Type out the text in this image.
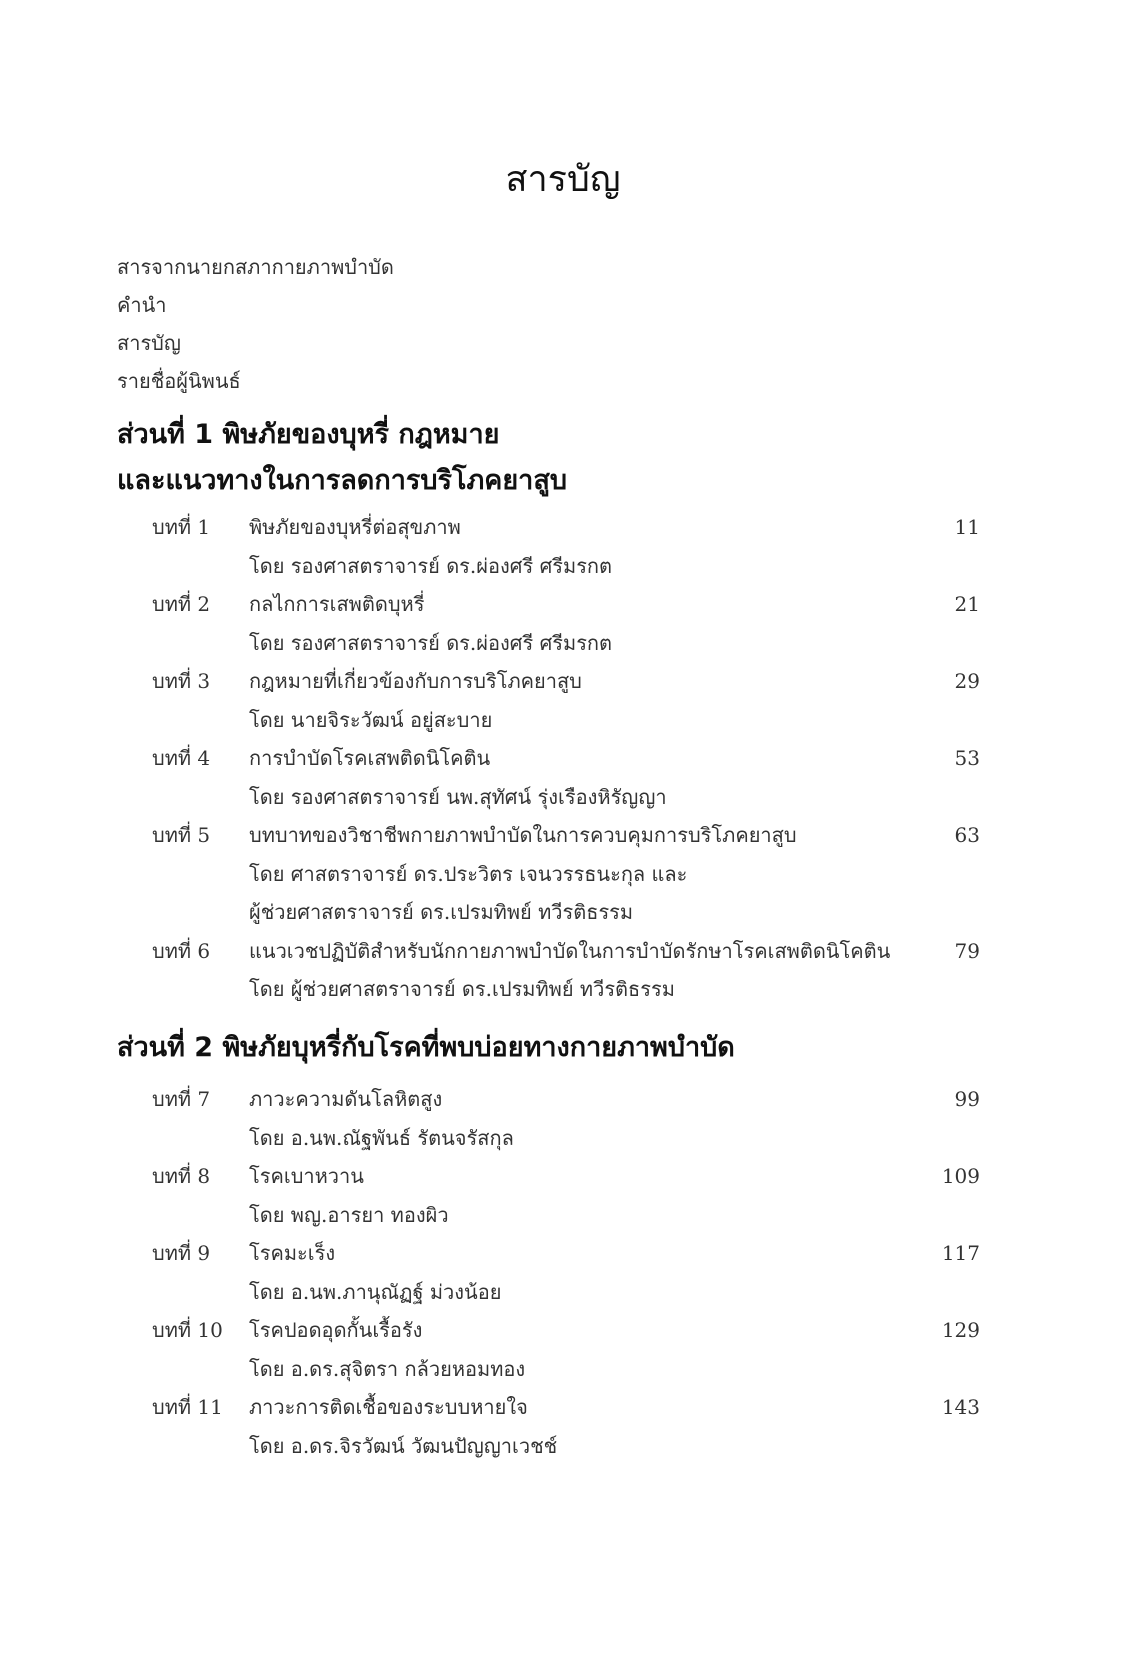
สารบัญ
สารจากนายกสภากายภาพบำบัด
คำนำ
สารบัญ
รายชื่อผู้นิพนธ์
ส่วนที่ 1 พิษภัยของบุหรี่ กฎหมาย
และแนวทางในการลดการบริโภคยาสูบ
บทที่ 1 พิษภัยของบุหรี่ต่อสุขภาพ	11
โดย รองศาสตราจารย์ ดร.ผ่องศรี ศรีมรกต
บทที่ 2 กลไกการเสพติดบุหรี่	21
โดย รองศาสตราจารย์ ดร.ผ่องศรี ศรีมรกต
บทที่ 3 กฎหมายที่เกี่ยวข้องกับการบริโภคยาสูบ	29
โดย นายจิระวัฒน์ อยู่สะบาย
บทที่ 4 การบำบัดโรคเสพติดนิโคติน	53
โดย รองศาสตราจารย์ นพ.สุทัศน์ รุ่งเรืองหิรัญญา
บทที่ 5 บทบาทของวิชาชีพกายภาพบำบัดในการควบคุมการบริโภคยาสูบ	63
โดย ศาสตราจารย์ ดร.ประวิตร เจนวรรธนะกุล และ
ผู้ช่วยศาสตราจารย์ ดร.เปรมทิพย์ ทวีรติธรรม
บทที่ 6 แนวเวชปฏิบัติสำหรับนักกายภาพบำบัดในการบำบัดรักษาโรคเสพติดนิโคติน	79
โดย ผู้ช่วยศาสตราจารย์ ดร.เปรมทิพย์ ทวีรติธรรม
ส่วนที่ 2 พิษภัยบุหรี่กับโรคที่พบบ่อยทางกายภาพบำบัด
บทที่ 7 ภาวะความดันโลหิตสูง	99
โดย อ.นพ.ณัฐพันธ์ รัตนจรัสกุล
บทที่ 8 โรคเบาหวาน	109
โดย พญ.อารยา ทองผิว
บทที่ 9 โรคมะเร็ง	117
โดย อ.นพ.ภานุณัฏฐ์ ม่วงน้อย
บทที่ 10 โรคปอดอุดกั้นเรื้อรัง	129
โดย อ.ดร.สุจิตรา กล้วยหอมทอง
บทที่ 11 ภาวะการติดเชื้อของระบบหายใจ	143
โดย อ.ดร.จิรวัฒน์ วัฒนปัญญาเวชช์
